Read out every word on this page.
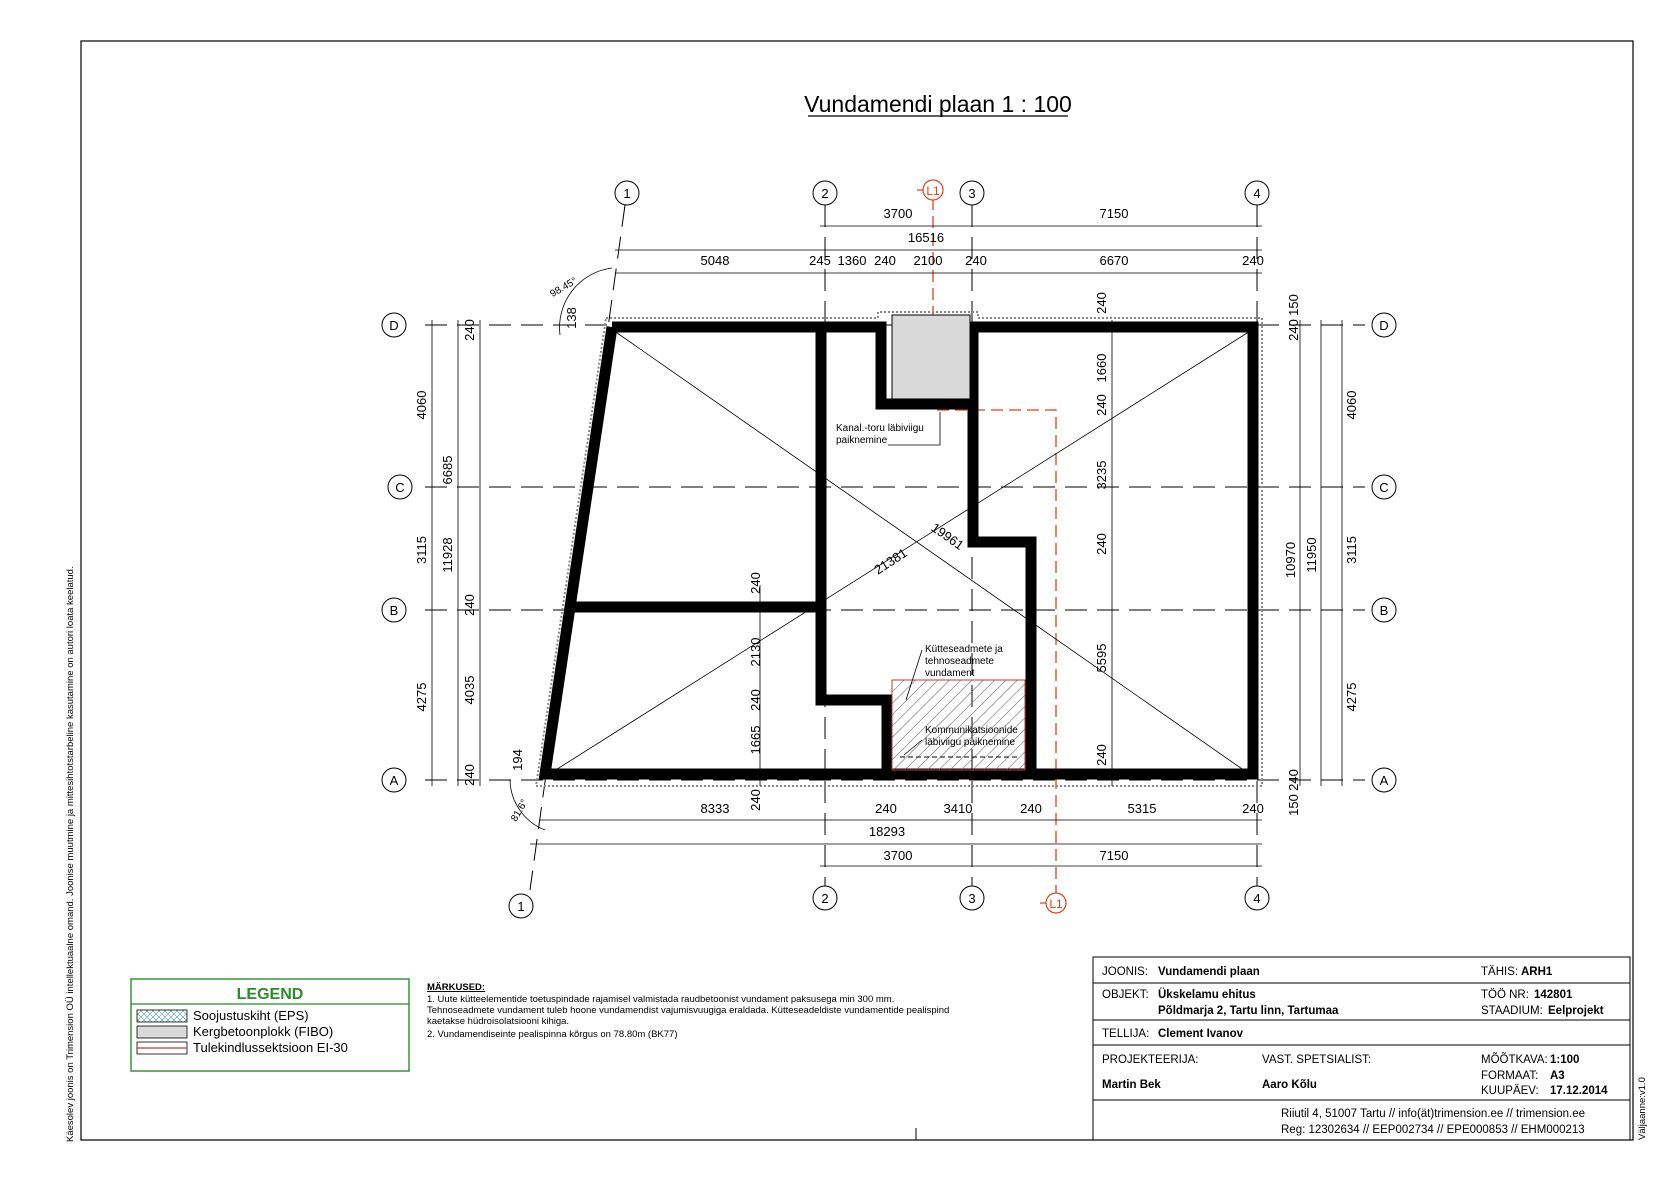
Vundamendi plaan 1 : 100
1	2	3	4
1
2	3	4
D
C
B
A
D
C
B
A
L1
L1
3700	7150
16516
5048	245 1360 240 2100 240	6670	240
8333	240	3410	240	5315	240
18293
3700	7150
4060
3115
4275
6685
11928
4035
240
240
240
138
194
4060
3115
4275
10970 11950
240
150
150
240
240
1660
240
3235
240
5595
240
240
2130
240
1665
240
21381
19961
98.45°
81.6°
Kanal.-toru läbiviigu
paiknemine
Kütteseadmete ja
tehnoseadmete
vundament
Kommunikatsioonide
läbiviigu paiknemine
LEGEND
Soojustuskiht (EPS)
Kergbetoonplokk (FIBO)
Tulekindlussektsioon EI-30
MÄRKUSED:
1. Uute kütteelementide toetuspindade rajamisel valmistada raudbetoonist vundament paksusega min 300 mm.
Tehnoseadmete vundament tuleb hoone vundamendist vajumisvuugiga eraldada. Kütteseadeldiste vundamentide pealispind
kaetakse hüdroisolatsiooni kihiga.
2. Vundamendiseinte pealispinna kõrgus on 78.80m (BK77)
Käesolev joonis on Trimension OÜ intellektuaalne omand. Joonise muutmine ja mittesihtotstarbeline kasutamine on autori loata keelatud.	Väljaanne:v1.0
JOONIS: Vundamendi plaan	TÄHIS: ARH1
OBJEKT: Ükskelamu ehitus
Põldmarja 2, Tartu linn, Tartumaa
TÖÖ NR: 142801
STAADIUM: Eelprojekt
TELLIJA: Clement Ivanov
PROJEKTEERIJA:
Martin Bek
VAST. SPETSIALIST:
Aaro Kõlu
MÕÕTKAVA: 1:100
FORMAAT: A3
KUUPÄEV: 17.12.2014
Riiutil 4, 51007 Tartu // info(ät)trimension.ee // trimension.ee
Reg: 12302634 // EEP002734 // EPE000853 // EHM000213
